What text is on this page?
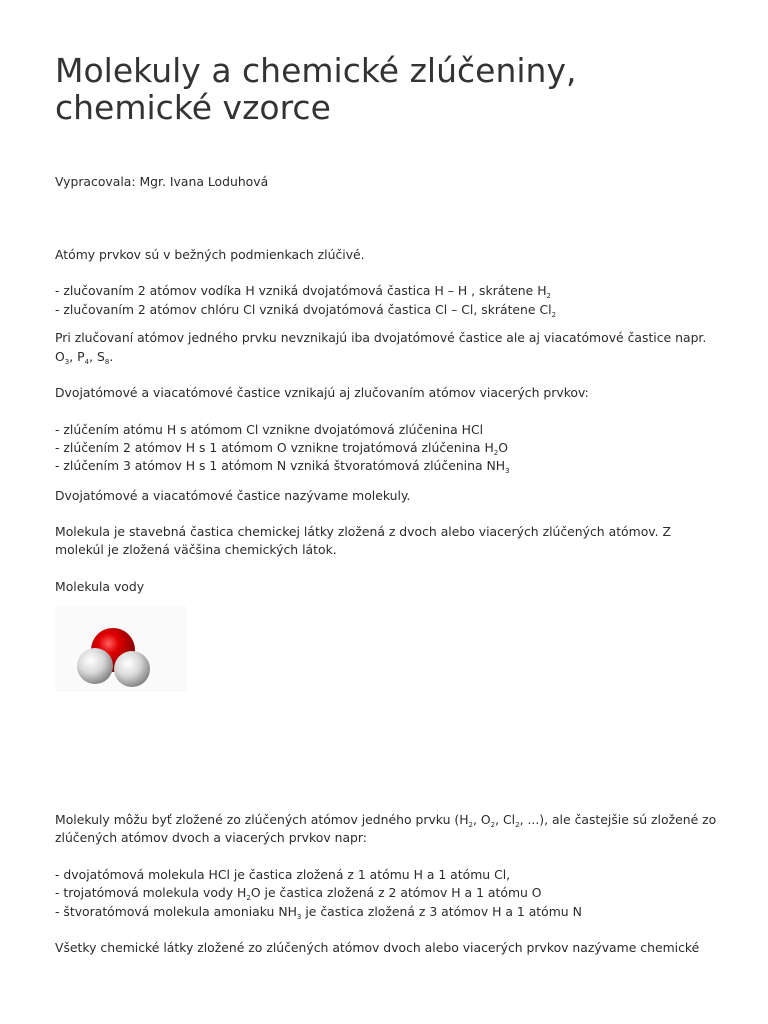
Molekuly a chemické zlúčeniny, chemické vzorce
Vypracovala: Mgr. Ivana Loduhová
Atómy prvkov sú v bežných podmienkach zlúčivé.
- zlučovaním 2 atómov vodíka H vzniká dvojatómová častica H – H , skrátene $H_2$
- zlučovaním 2 atómov chlóru Cl vzniká dvojatómová častica Cl – Cl, skrátene $Cl_2$
Pri zlučovaní atómov jedného prvku nevznikajú iba dvojatómové častice ale aj viacatómové častice napr.
$O_3$, $P_4$, $S_8$.
Dvojatómové a viacatómové častice vznikajú aj zlučovaním atómov viacerých prvkov:
- zlúčením atómu H s atómom Cl vznikne dvojatómová zlúčenina HCl
- zlúčením 2 atómov H s 1 atómom O vznikne trojatómová zlúčenina $H_2O$
- zlúčením 3 atómov H s 1 atómom N vzniká štvoratómová zlúčenina $NH_3$
Dvojatómové a viacatómové častice nazývame molekuly.
Molekula je stavebná častica chemickej látky zložená z dvoch alebo viacerých zlúčených atómov. Z molekúl je zložená väčšina chemických látok.
Molekula vody
Molekuly môžu byť zložené zo zlúčených atómov jedného prvku ($H_2$, $O_2$, $Cl_2$, ...), ale častejšie sú zložené zo
zlúčených atómov dvoch a viacerých prvkov napr:
- dvojatómová molekula HCl je častica zložená z 1 atómu H a 1 atómu Cl,
- trojatómová molekula vody $H_2O$ je častica zložená z 2 atómov H a 1 atómu O
- štvoratómová molekula amoniaku $NH_3$ je častica zložená z 3 atómov H a 1 atómu N
Všetky chemické látky zložené zo zlúčených atómov dvoch alebo viacerých prvkov nazývame chemické
